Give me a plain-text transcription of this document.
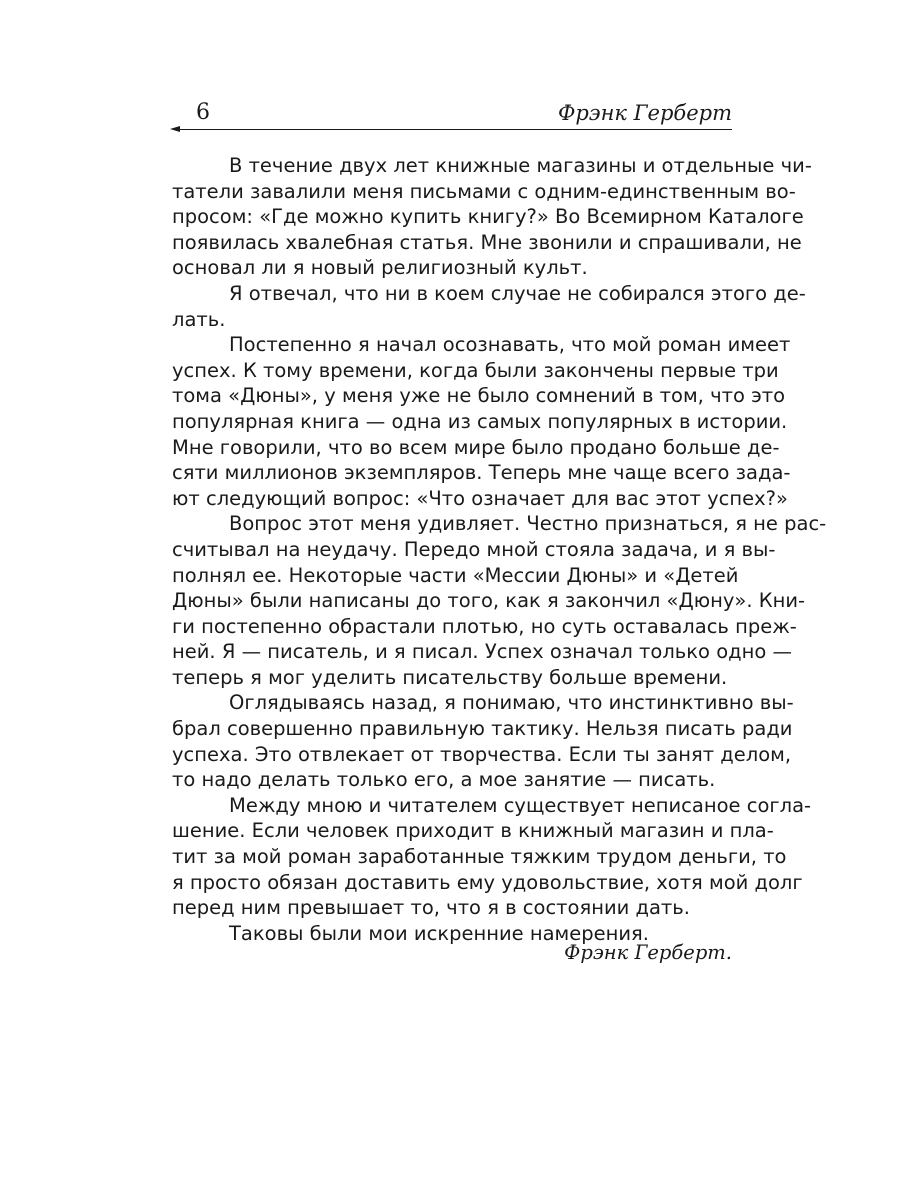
6	Фрэнк Герберт
В течение двух лет книжные магазины и отдельные чи-
татели завалили меня письмами с одним-единственным во-
просом: «Где можно купить книгу?» Во Всемирном Каталоге
появилась хвалебная статья. Мне звонили и спрашивали, не
основал ли я новый религиозный культ.
Я отвечал, что ни в коем случае не собирался этого де-
лать.
Постепенно я начал осознавать, что мой роман имеет
успех. К тому времени, когда были закончены первые три
тома «Дюны», у меня уже не было сомнений в том, что это
популярная книга — одна из самых популярных в истории.
Мне говорили, что во всем мире было продано больше де-
сяти миллионов экземпляров. Теперь мне чаще всего зада-
ют следующий вопрос: «Что означает для вас этот успех?»
Вопрос этот меня удивляет. Честно признаться, я не рас-
считывал на неудачу. Передо мной стояла задача, и я вы-
полнял ее. Некоторые части «Мессии Дюны» и «Детей
Дюны» были написаны до того, как я закончил «Дюну». Кни-
ги постепенно обрастали плотью, но суть оставалась преж-
ней. Я — писатель, и я писал. Успех означал только одно —
теперь я мог уделить писательству больше времени.
Оглядываясь назад, я понимаю, что инстинктивно вы-
брал совершенно правильную тактику. Нельзя писать ради
успеха. Это отвлекает от творчества. Если ты занят делом,
то надо делать только его, а мое занятие — писать.
Между мною и читателем существует неписаное согла-
шение. Если человек приходит в книжный магазин и пла-
тит за мой роман заработанные тяжким трудом деньги, то
я просто обязан доставить ему удовольствие, хотя мой долг
перед ним превышает то, что я в состоянии дать.
Таковы были мои искренние намерения.
Фрэнк Герберт.
